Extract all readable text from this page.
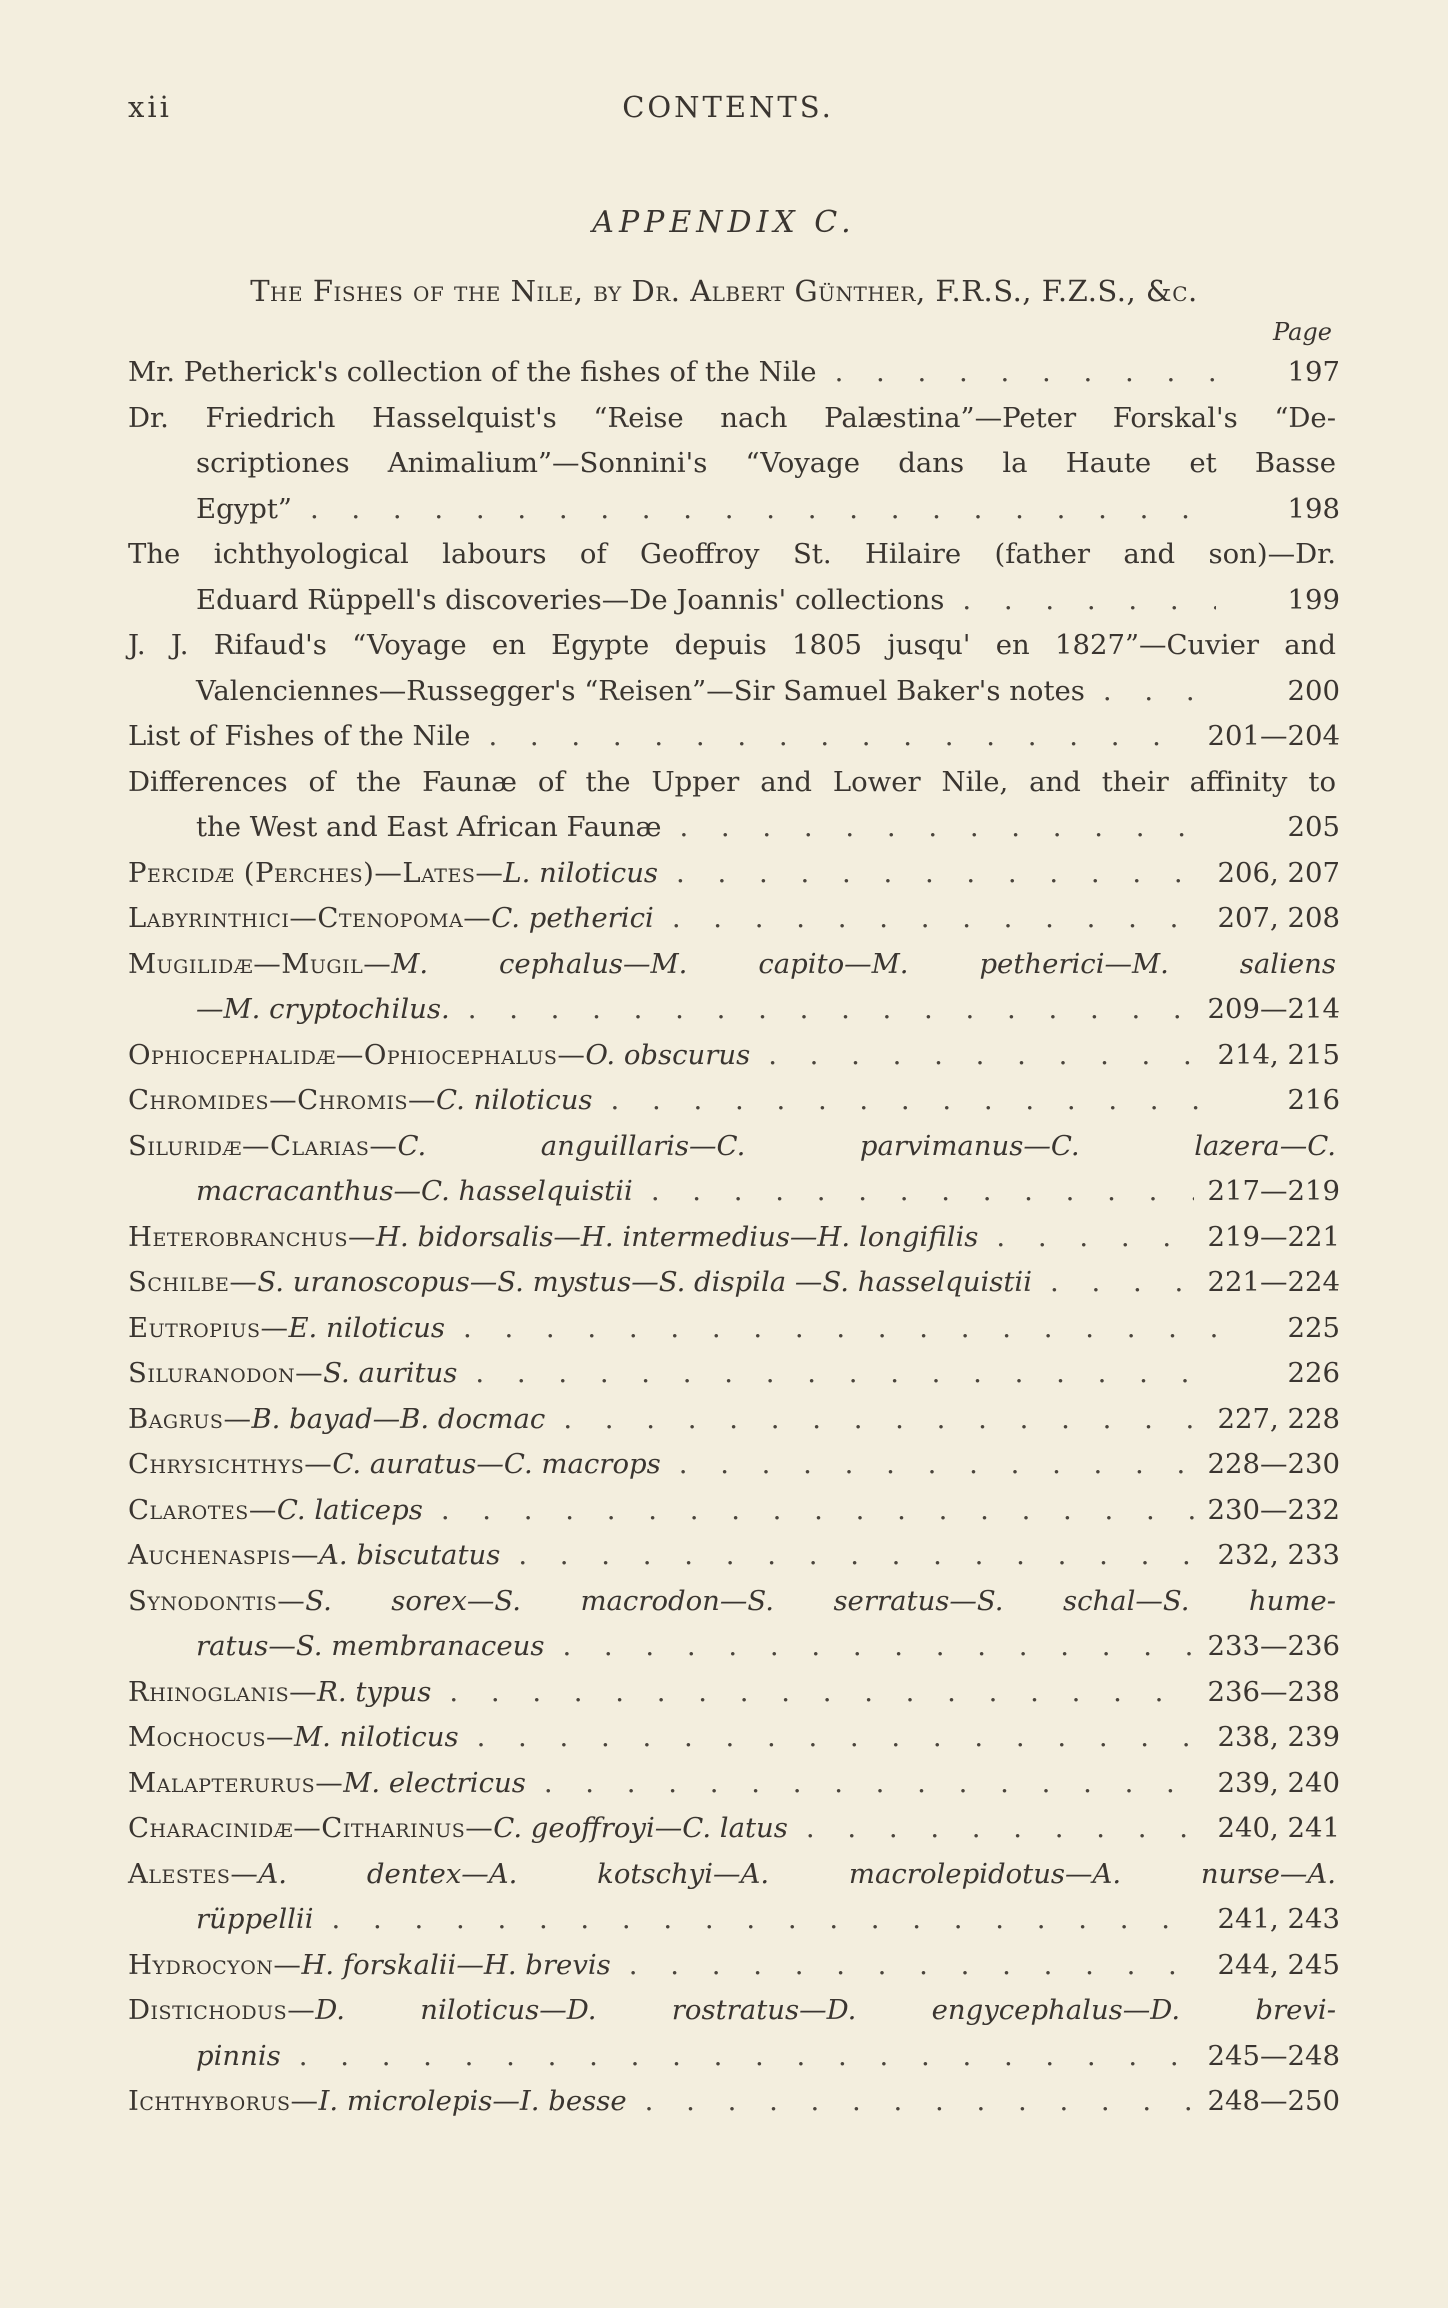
xii	CONTENTS.
APPENDIX C.
The Fishes of the Nile, by Dr. Albert Günther, F.R.S., F.Z.S., &c.
Page
Mr. Petherick's collection of the fishes of the Nile . . .	197
Dr. Friedrich Hasselquist's “Reise nach Palæstina”—Peter Forskal's “De-
scriptiones Animalium”—Sonnini's “Voyage dans la Haute et Basse
Egypt” . . .	198
The ichthyological labours of Geoffroy St. Hilaire (father and son)—Dr.
Eduard Rüppell's discoveries—De Joannis' collections . . .	199
J. J. Rifaud's “Voyage en Egypte depuis 1805 jusqu' en 1827”—Cuvier and
Valenciennes—Russegger's “Reisen”—Sir Samuel Baker's notes . . .	200
List of Fishes of the Nile . . .	201—204
Differences of the Faunæ of the Upper and Lower Nile, and their affinity to
the West and East African Faunæ . . .	205
Percidæ (Perches)—Lates—L. niloticus . . .	206, 207
Labyrinthici—Ctenopoma—C. petherici . . .	207, 208
Mugilidæ—Mugil—M. cephalus—M. capito—M. petherici—M. saliens
—M. cryptochilus. . . .	209—214
Ophiocephalidæ—Ophiocephalus—O. obscurus . . .	214, 215
Chromides—Chromis—C. niloticus . . .	216
Siluridæ—Clarias—C. anguillaris—C. parvimanus—C. lazera—C.
macracanthus—C. hasselquistii . . .	217—219
Heterobranchus—H. bidorsalis—H. intermedius—H. longifilis . . .	219—221
Schilbe—S. uranoscopus—S. mystus—S. dispila —S. hasselquistii . . .	221—224
Eutropius—E. niloticus . . .	225
Siluranodon—S. auritus . . .	226
Bagrus—B. bayad—B. docmac . . .	227, 228
Chrysichthys—C. auratus—C. macrops . . .	228—230
Clarotes—C. laticeps . . .	230—232
Auchenaspis—A. biscutatus . . .	232, 233
Synodontis—S. sorex—S. macrodon—S. serratus—S. schal—S. hume-
ratus—S. membranaceus . . .	233—236
Rhinoglanis—R. typus . . .	236—238
Mochocus—M. niloticus . . .	238, 239
Malapterurus—M. electricus . . .	239, 240
Characinidæ—Citharinus—C. geoffroyi—C. latus . . .	240, 241
Alestes—A. dentex—A. kotschyi—A. macrolepidotus—A. nurse—A.
rüppellii . . .	241, 243
Hydrocyon—H. forskalii—H. brevis . . .	244, 245
Distichodus—D. niloticus—D. rostratus—D. engycephalus—D. brevi-
pinnis . . .	245—248
Ichthyborus—I. microlepis—I. besse . . .	248—250
